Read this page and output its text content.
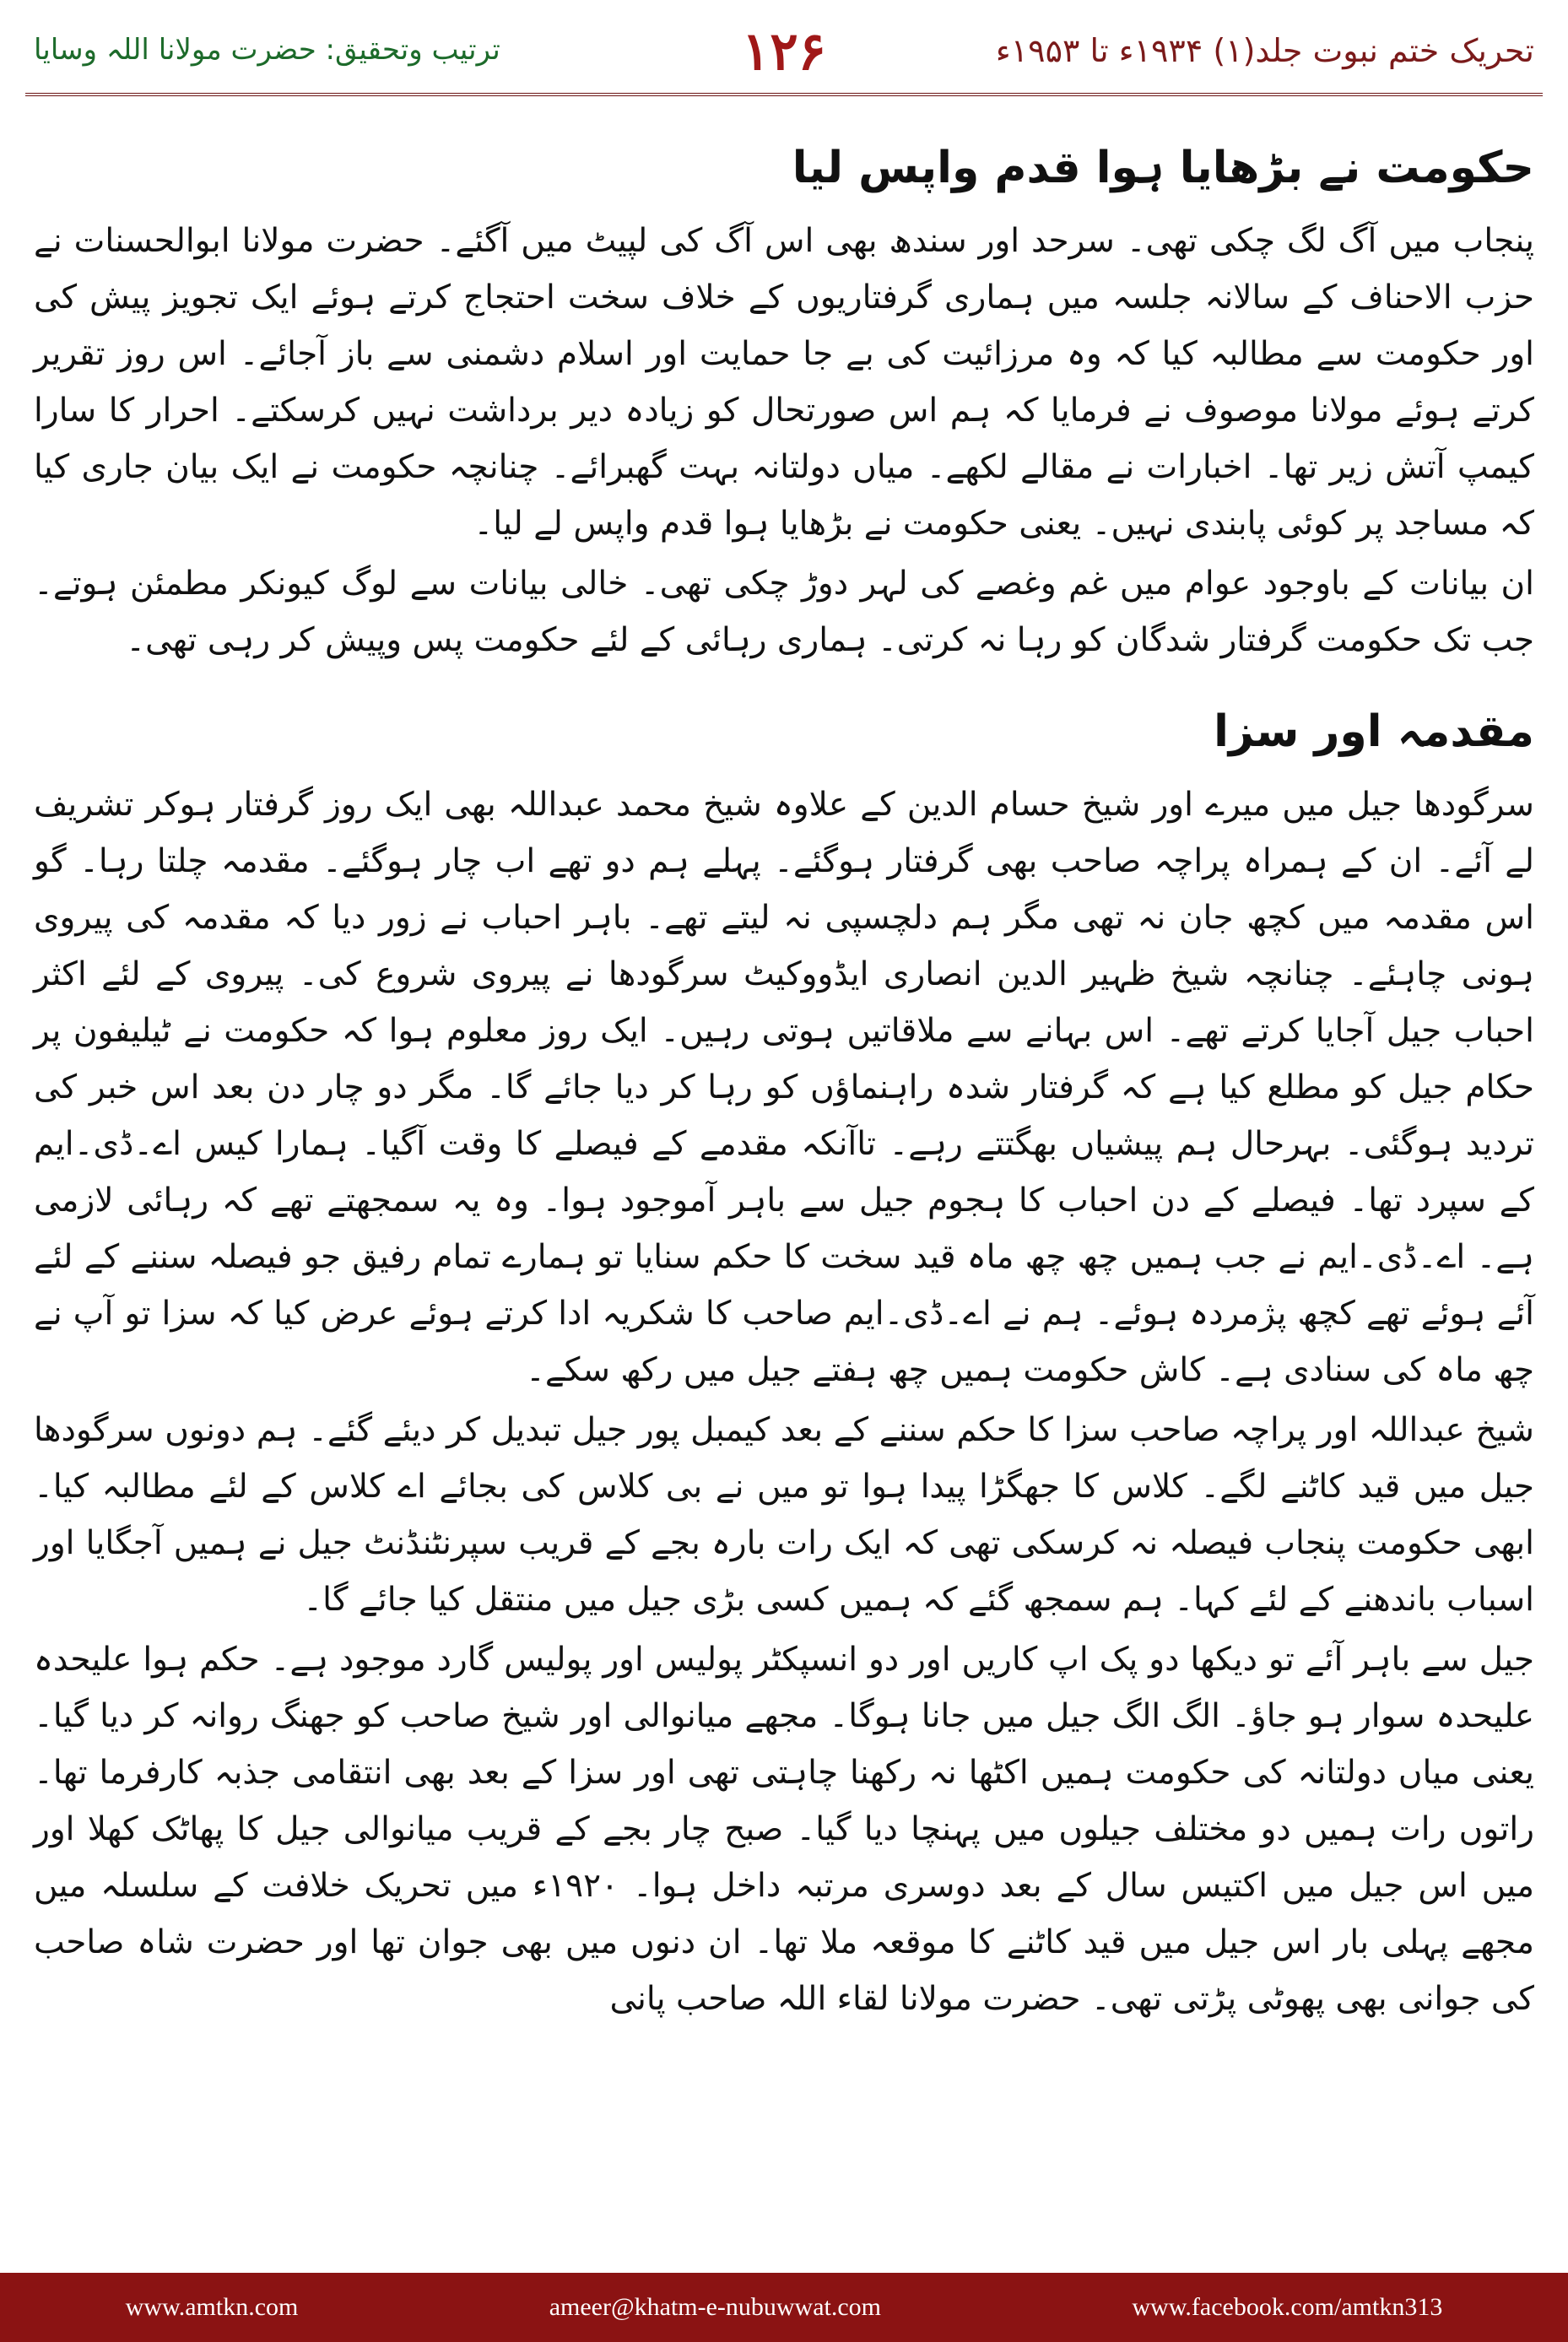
تحریک ختم نبوت جلد(۱) ۱۹۳۴ء تا ۱۹۵۳ء
۱۲۶
ترتیب وتحقیق: حضرت مولانا اللہ وسایا
حکومت نے بڑھایا ہوا قدم واپس لیا

پنجاب میں آگ لگ چکی تھی۔ سرحد اور سندھ بھی اس آگ کی لپیٹ میں آگئے۔ حضرت مولانا ابوالحسنات نے حزب الاحناف کے سالانہ جلسہ میں ہماری گرفتاریوں کے خلاف سخت احتجاج کرتے ہوئے ایک تجویز پیش کی اور حکومت سے مطالبہ کیا کہ وہ مرزائیت کی بے جا حمایت اور اسلام دشمنی سے باز آجائے۔ اس روز تقریر کرتے ہوئے مولانا موصوف نے فرمایا کہ ہم اس صورتحال کو زیادہ دیر برداشت نہیں کرسکتے۔ احرار کا سارا کیمپ آتش زیر تھا۔ اخبارات نے مقالے لکھے۔ میاں دولتانہ بہت گھبرائے۔ چنانچہ حکومت نے ایک بیان جاری کیا کہ مساجد پر کوئی پابندی نہیں۔ یعنی حکومت نے بڑھایا ہوا قدم واپس لے لیا۔

ان بیانات کے باوجود عوام میں غم وغصے کی لہر دوڑ چکی تھی۔ خالی بیانات سے لوگ کیونکر مطمئن ہوتے۔ جب تک حکومت گرفتار شدگان کو رہا نہ کرتی۔ ہماری رہائی کے لئے حکومت پس وپیش کر رہی تھی۔

مقدمہ اور سزا

سرگودھا جیل میں میرے اور شیخ حسام الدین کے علاوہ شیخ محمد عبداللہ بھی ایک روز گرفتار ہوکر تشریف لے آئے۔ ان کے ہمراہ پراچہ صاحب بھی گرفتار ہوگئے۔ پہلے ہم دو تھے اب چار ہوگئے۔ مقدمہ چلتا رہا۔ گو اس مقدمہ میں کچھ جان نہ تھی مگر ہم دلچسپی نہ لیتے تھے۔ باہر احباب نے زور دیا کہ مقدمہ کی پیروی ہونی چاہئے۔ چنانچہ شیخ ظہیر الدین انصاری ایڈووکیٹ سرگودھا نے پیروی شروع کی۔ پیروی کے لئے اکثر احباب جیل آجایا کرتے تھے۔ اس بہانے سے ملاقاتیں ہوتی رہیں۔ ایک روز معلوم ہوا کہ حکومت نے ٹیلیفون پر حکام جیل کو مطلع کیا ہے کہ گرفتار شدہ راہنماؤں کو رہا کر دیا جائے گا۔ مگر دو چار دن بعد اس خبر کی تردید ہوگئی۔ بہرحال ہم پیشیاں بھگتتے رہے۔ تاآنکہ مقدمے کے فیصلے کا وقت آگیا۔ ہمارا کیس اے۔ڈی۔ایم کے سپرد تھا۔ فیصلے کے دن احباب کا ہجوم جیل سے باہر آموجود ہوا۔ وہ یہ سمجھتے تھے کہ رہائی لازمی ہے۔ اے۔ڈی۔ایم نے جب ہمیں چھ چھ ماہ قید سخت کا حکم سنایا تو ہمارے تمام رفیق جو فیصلہ سننے کے لئے آئے ہوئے تھے کچھ پژمردہ ہوئے۔ ہم نے اے۔ڈی۔ایم صاحب کا شکریہ ادا کرتے ہوئے عرض کیا کہ سزا تو آپ نے چھ ماہ کی سنادی ہے۔ کاش حکومت ہمیں چھ ہفتے جیل میں رکھ سکے۔

شیخ عبداللہ اور پراچہ صاحب سزا کا حکم سننے کے بعد کیمبل پور جیل تبدیل کر دیئے گئے۔ ہم دونوں سرگودھا جیل میں قید کاٹنے لگے۔ کلاس کا جھگڑا پیدا ہوا تو میں نے بی کلاس کی بجائے اے کلاس کے لئے مطالبہ کیا۔ ابھی حکومت پنجاب فیصلہ نہ کرسکی تھی کہ ایک رات بارہ بجے کے قریب سپرنٹنڈنٹ جیل نے ہمیں آجگایا اور اسباب باندھنے کے لئے کہا۔ ہم سمجھ گئے کہ ہمیں کسی بڑی جیل میں منتقل کیا جائے گا۔

جیل سے باہر آئے تو دیکھا دو پک اپ کاریں اور دو انسپکٹر پولیس اور پولیس گارد موجود ہے۔ حکم ہوا علیحدہ علیحدہ سوار ہو جاؤ۔ الگ الگ جیل میں جانا ہوگا۔ مجھے میانوالی اور شیخ صاحب کو جھنگ روانہ کر دیا گیا۔ یعنی میاں دولتانہ کی حکومت ہمیں اکٹھا نہ رکھنا چاہتی تھی اور سزا کے بعد بھی انتقامی جذبہ کارفرما تھا۔ راتوں رات ہمیں دو مختلف جیلوں میں پہنچا دیا گیا۔ صبح چار بجے کے قریب میانوالی جیل کا پھاٹک کھلا اور میں اس جیل میں اکتیس سال کے بعد دوسری مرتبہ داخل ہوا۔ ۱۹۲۰ء میں تحریک خلافت کے سلسلہ میں مجھے پہلی بار اس جیل میں قید کاٹنے کا موقعہ ملا تھا۔ ان دنوں میں بھی جوان تھا اور حضرت شاہ صاحب کی جوانی بھی پھوٹی پڑتی تھی۔ حضرت مولانا لقاء اللہ صاحب پانی

www.amtkn.com	ameer@khatm-e-nubuwwat.com	www.facebook.com/amtkn313
